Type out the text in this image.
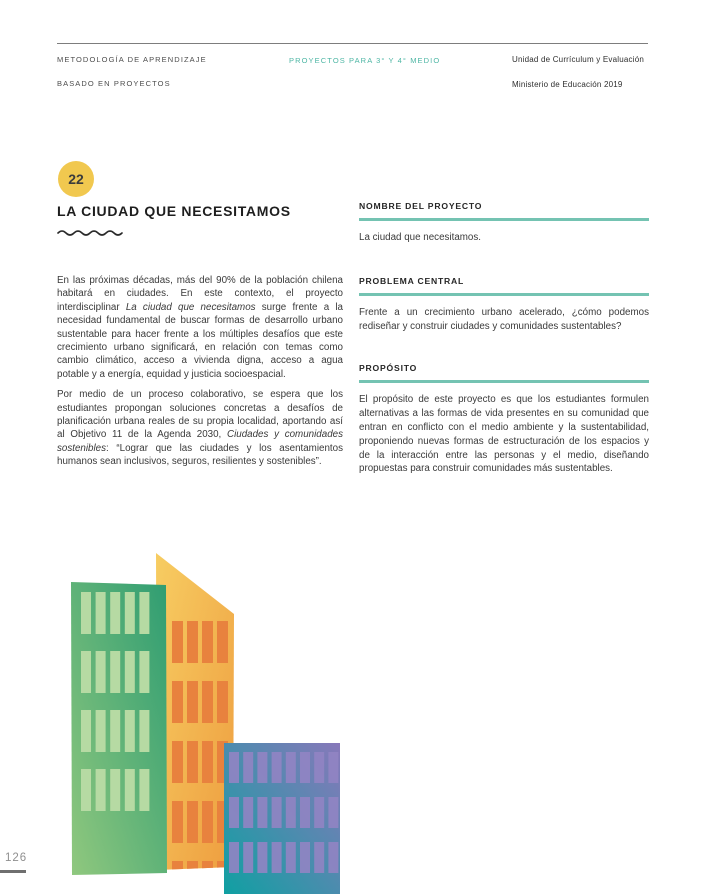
METODOLOGÍA DE APRENDIZAJE

BASADO EN PROYECTOS
PROYECTOS PARA 3° Y 4° MEDIO	Unidad de Currículum y Evaluación

Ministerio de Educación 2019
22
LA CIUDAD QUE NECESITAMOS

En las próximas décadas, más del 90% de la población chilena habitará en ciudades. En este contexto, el proyecto interdisciplinar La ciudad que necesitamos surge frente a la necesidad fundamental de buscar formas de desarrollo urbano sustentable para hacer frente a los múltiples desafíos que este crecimiento urbano significará, en relación con temas como cambio climático, acceso a vivienda digna, acceso a agua potable y a energía, equidad y justicia socioespacial.

Por medio de un proceso colaborativo, se espera que los estudiantes propongan soluciones concretas a desafíos de planificación urbana reales de su propia localidad, aportando así al Objetivo 11 de la Agenda 2030, Ciudades y comunidades sostenibles: “Lograr que las ciudades y los asentamientos humanos sean inclusivos, seguros, resilientes y sostenibles”.

NOMBRE DEL PROYECTO
La ciudad que necesitamos.
PROBLEMA CENTRAL
Frente a un crecimiento urbano acelerado, ¿cómo podemos rediseñar y construir ciudades y comunidades sustentables?
PROPÓSITO
El propósito de este proyecto es que los estudiantes formulen alternativas a las formas de vida presentes en su comunidad que entran en conflicto con el medio ambiente y la sustentabilidad, proponiendo nuevas formas de estructuración de los espacios y de la interacción entre las personas y el medio, diseñando propuestas para construir comunidades más sustentables.
126
